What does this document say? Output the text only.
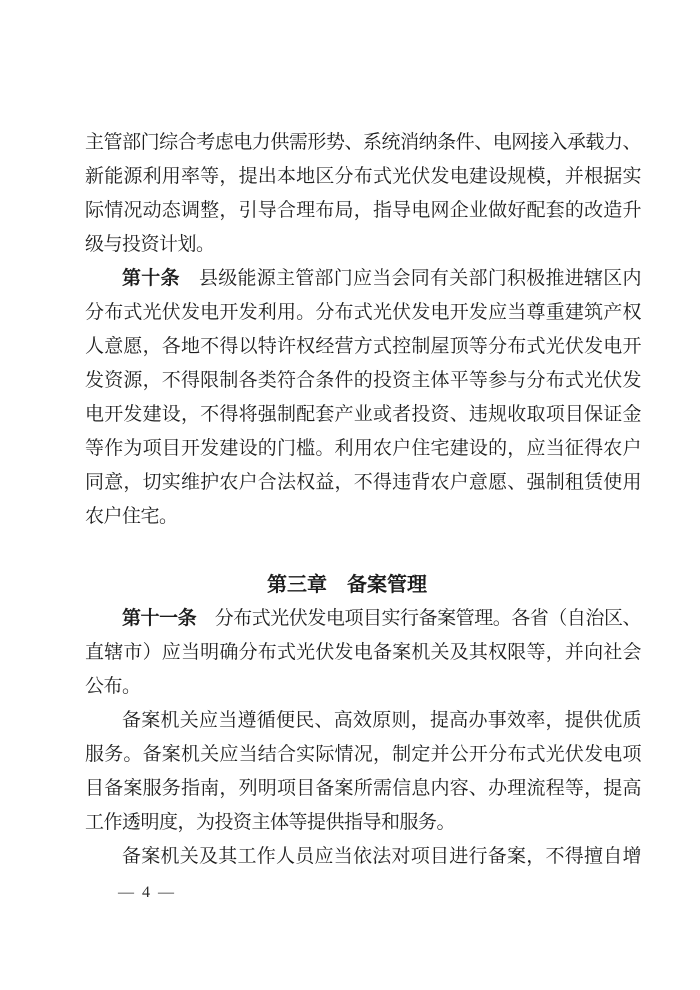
主管部门综合考虑电力供需形势、系统消纳条件、电网接入承载力、
新能源利用率等，提出本地区分布式光伏发电建设规模，并根据实
际情况动态调整，引导合理布局，指导电网企业做好配套的改造升
级与投资计划。
第十条　县级能源主管部门应当会同有关部门积极推进辖区内
分布式光伏发电开发利用。分布式光伏发电开发应当尊重建筑产权
人意愿，各地不得以特许权经营方式控制屋顶等分布式光伏发电开
发资源，不得限制各类符合条件的投资主体平等参与分布式光伏发
电开发建设，不得将强制配套产业或者投资、违规收取项目保证金
等作为项目开发建设的门槛。利用农户住宅建设的，应当征得农户
同意，切实维护农户合法权益，不得违背农户意愿、强制租赁使用
农户住宅。
第三章　备案管理
第十一条　分布式光伏发电项目实行备案管理。各省（自治区、
直辖市）应当明确分布式光伏发电备案机关及其权限等，并向社会
公布。
备案机关应当遵循便民、高效原则，提高办事效率，提供优质
服务。备案机关应当结合实际情况，制定并公开分布式光伏发电项
目备案服务指南，列明项目备案所需信息内容、办理流程等，提高
工作透明度，为投资主体等提供指导和服务。
备案机关及其工作人员应当依法对项目进行备案，不得擅自增
— 4 —
